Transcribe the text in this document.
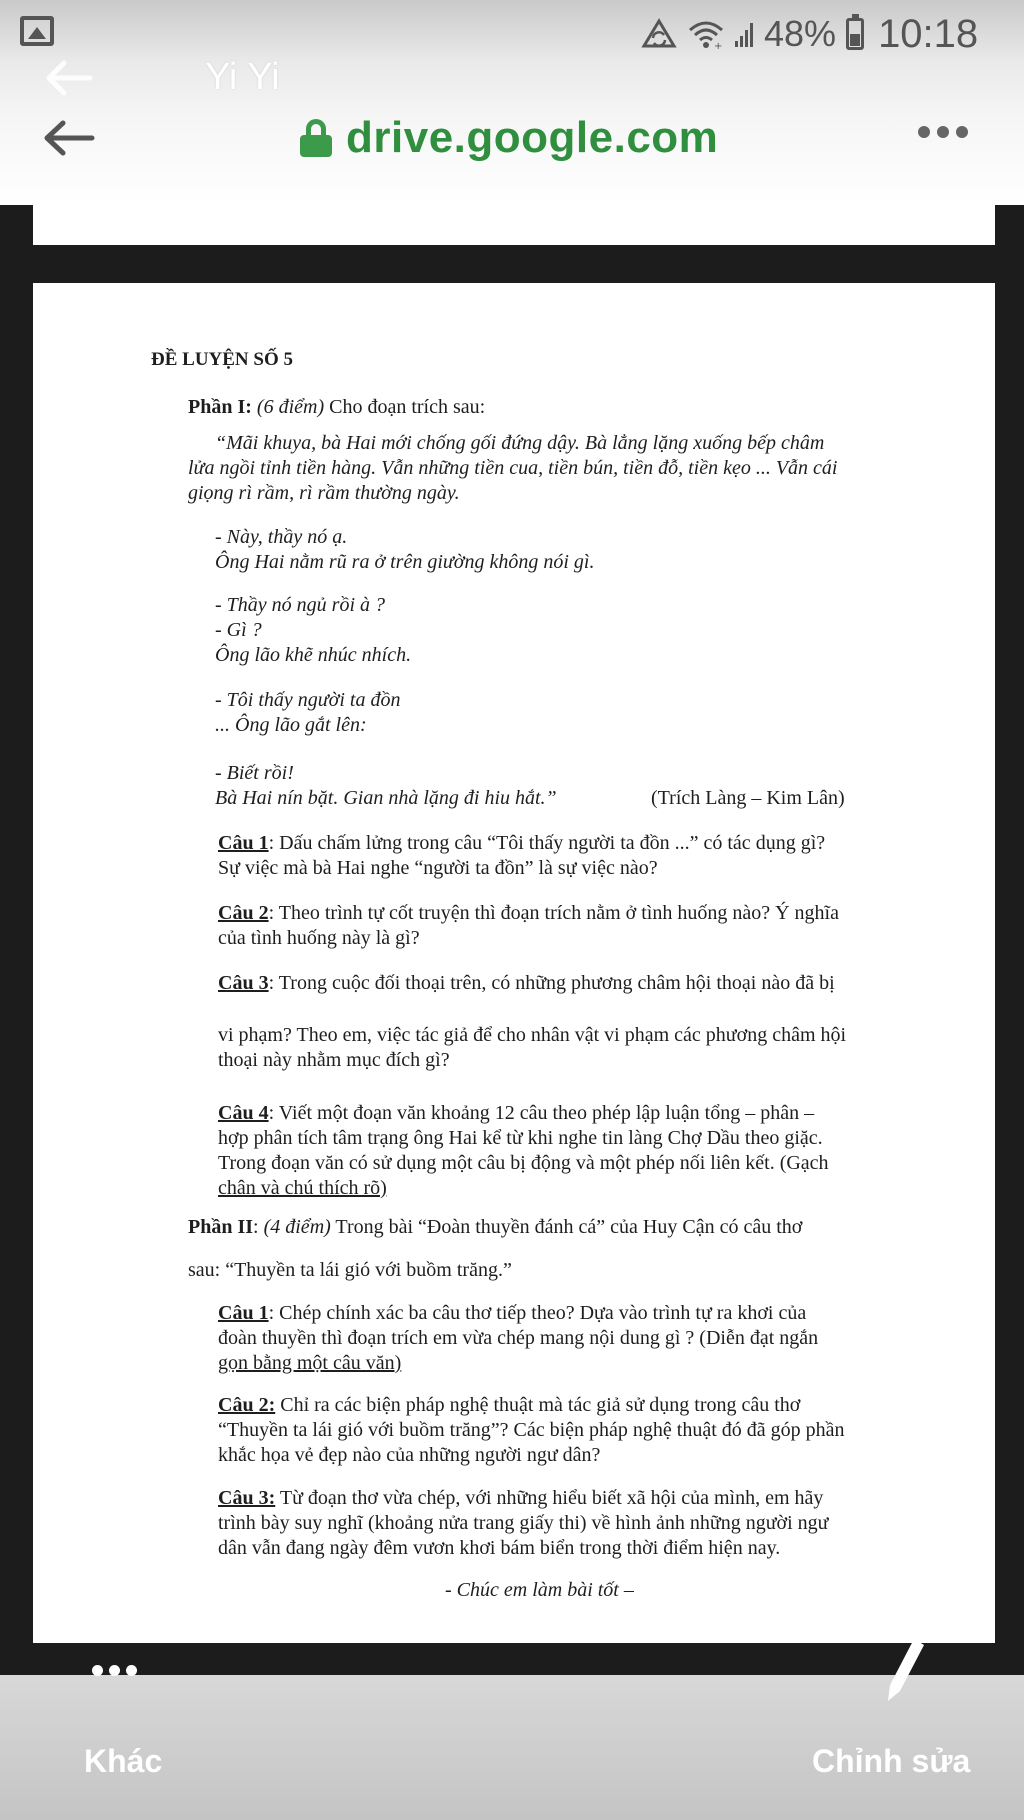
+ 48% 10:18
Yi Yi
drive.google.com

ĐỀ LUYỆN SỐ 5

Phần I: (6 điểm) Cho đoạn trích sau:

“Mãi khuya, bà Hai mới chống gối đứng dậy. Bà lẳng lặng xuống bếp châm

lửa ngồi tỉnh tiền hàng. Vẫn những tiền cua, tiền bún, tiền đỗ, tiền kẹo ... Vẫn cái

giọng rì rầm, rì rầm thường ngày.

- Này, thầy nó ạ.

Ông Hai nằm rũ ra ở trên giường không nói gì.

- Thầy nó ngủ rồi à ?

- Gì ?

Ông lão khẽ nhúc nhích.

- Tôi thấy người ta đồn

... Ông lão gắt lên:

- Biết rồi!

Bà Hai nín bặt. Gian nhà lặng đi hiu hắt.”	(Trích Làng – Kim Lân)

Câu 1: Dấu chấm lửng trong câu “Tôi thấy người ta đồn ...” có tác dụng gì?

Sự việc mà bà Hai nghe “người ta đồn” là sự việc nào?

Câu 2: Theo trình tự cốt truyện thì đoạn trích nằm ở tình huống nào? Ý nghĩa

của tình huống này là gì?

Câu 3: Trong cuộc đối thoại trên, có những phương châm hội thoại nào đã bị

vi phạm? Theo em, việc tác giả để cho nhân vật vi phạm các phương châm hội

thoại này nhằm mục đích gì?

Câu 4: Viết một đoạn văn khoảng 12 câu theo phép lập luận tổng – phân –

hợp phân tích tâm trạng ông Hai kể từ khi nghe tin làng Chợ Dầu theo giặc.

Trong đoạn văn có sử dụng một câu bị động và một phép nối liên kết. (Gạch

chân và chú thích rõ)

Phần II: (4 điểm) Trong bài “Đoàn thuyền đánh cá” của Huy Cận có câu thơ

sau: “Thuyền ta lái gió với buồm trăng.”

Câu 1: Chép chính xác ba câu thơ tiếp theo? Dựa vào trình tự ra khơi của

đoàn thuyền thì đoạn trích em vừa chép mang nội dung gì ? (Diễn đạt ngắn

gọn bằng một câu văn)

Câu 2: Chỉ ra các biện pháp nghệ thuật mà tác giả sử dụng trong câu thơ

“Thuyền ta lái gió với buồm trăng”? Các biện pháp nghệ thuật đó đã góp phần

khắc họa vẻ đẹp nào của những người ngư dân?

Câu 3: Từ đoạn thơ vừa chép, với những hiểu biết xã hội của mình, em hãy

trình bày suy nghĩ (khoảng nửa trang giấy thi) về hình ảnh những người ngư

dân vẫn đang ngày đêm vươn khơi bám biển trong thời điểm hiện nay.

- Chúc em làm bài tốt –

Khác	Chỉnh sửa
